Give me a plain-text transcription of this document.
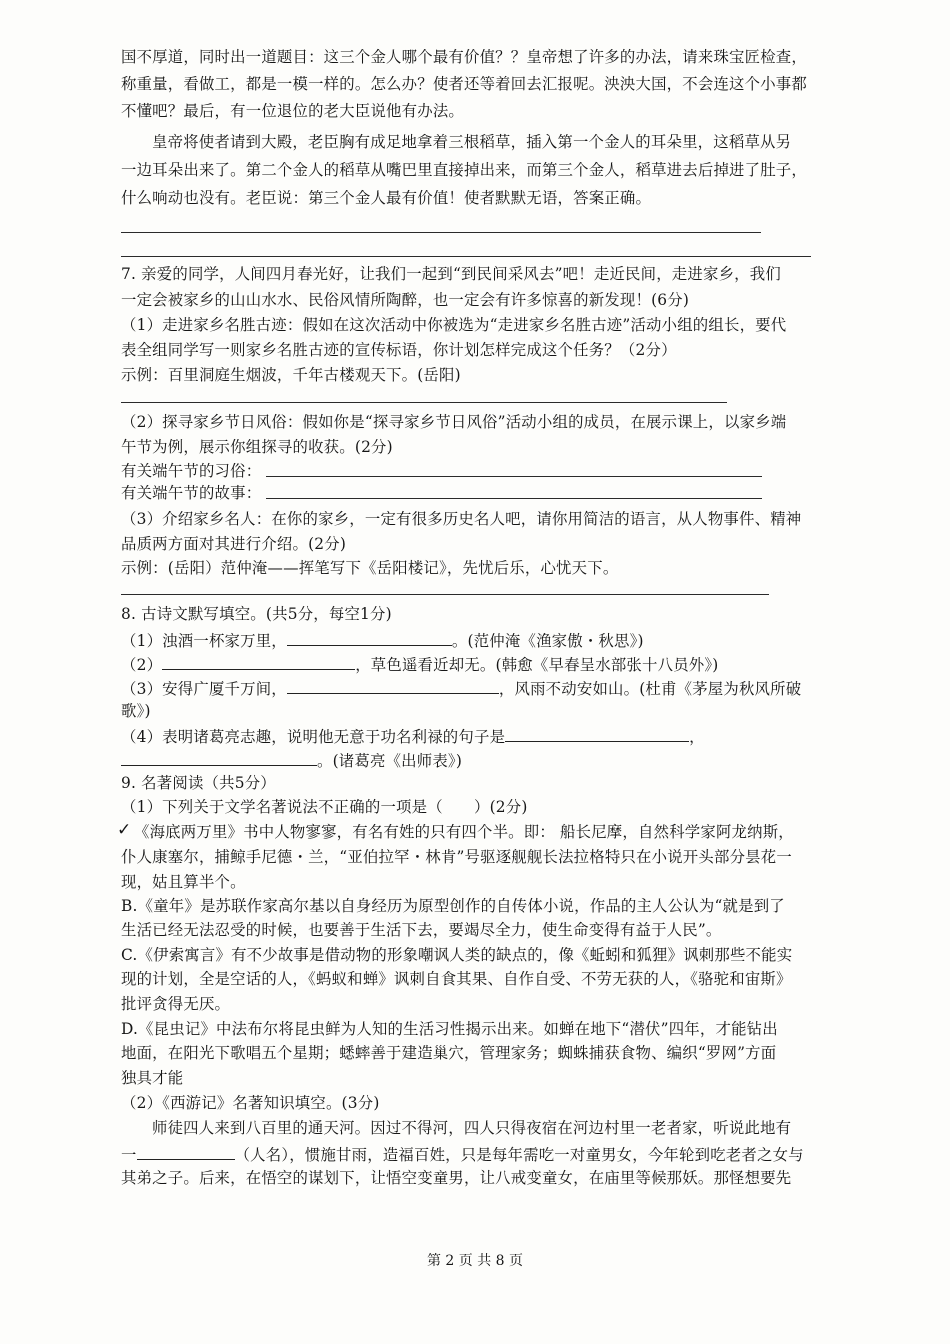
国不厚道，同时出一道题目：这三个金人哪个最有价值？？皇帝想了许多的办法，请来珠宝匠检查，
称重量，看做工，都是一模一样的。怎么办？使者还等着回去汇报呢。泱泱大国，不会连这个小事都
不懂吧？最后，有一位退位的老大臣说他有办法。
皇帝将使者请到大殿，老臣胸有成足地拿着三根稻草，插入第一个金人的耳朵里，这稻草从另
一边耳朵出来了。第二个金人的稻草从嘴巴里直接掉出来，而第三个金人，稻草进去后掉进了肚子，
什么响动也没有。老臣说：第三个金人最有价值！使者默默无语，答案正确。
7. 亲爱的同学，人间四月春光好，让我们一起到“到民间采风去”吧！走近民间，走进家乡，我们
一定会被家乡的山山水水、民俗风情所陶醉，也一定会有许多惊喜的新发现！(6分)
（1）走进家乡名胜古迹：假如在这次活动中你被选为“走进家乡名胜古迹”活动小组的组长，要代
表全组同学写一则家乡名胜古迹的宣传标语，你计划怎样完成这个任务？（2分）
示例：百里洞庭生烟波，千年古楼观天下。(岳阳)
（2）探寻家乡节日风俗：假如你是“探寻家乡节日风俗”活动小组的成员，在展示课上，以家乡端
午节为例，展示你组探寻的收获。(2分)
有关端午节的习俗：
有关端午节的故事：
（3）介绍家乡名人：在你的家乡，一定有很多历史名人吧，请你用简洁的语言，从人物事件、精神
品质两方面对其进行介绍。(2分)
示例：(岳阳）范仲淹——挥笔写下《岳阳楼记》，先忧后乐，心忧天下。
8. 古诗文默写填空。(共5分，每空1分)
（1）浊酒一杯家万里，	。(范仲淹《渔家傲・秋思》)
（2）	，草色遥看近却无。(韩愈《早春呈水部张十八员外》)
（3）安得广厦千万间，	，风雨不动安如山。(杜甫《茅屋为秋风所破
歌》)
（4）表明诸葛亮志趣，说明他无意于功名利禄的句子是	，
。(诸葛亮《出师表》)
9. 名著阅读（共5分）
（1）下列关于文学名著说法不正确的一项是（　　）(2分)
✓ 《海底两万里》书中人物寥寥，有名有姓的只有四个半。即： 船长尼摩，自然科学家阿龙纳斯，
仆人康塞尔，捕鲸手尼德・兰，“亚伯拉罕・林肯”号驱逐舰舰长法拉格特只在小说开头部分昙花一
现，姑且算半个。
B.《童年》是苏联作家高尔基以自身经历为原型创作的自传体小说，作品的主人公认为“就是到了
生活已经无法忍受的时候，也要善于生活下去，要竭尽全力，使生命变得有益于人民”。
C.《伊索寓言》有不少故事是借动物的形象嘲讽人类的缺点的，像《蚯蚓和狐狸》讽刺那些不能实
现的计划，全是空话的人，《蚂蚁和蝉》讽刺自食其果、自作自受、不劳无获的人，《骆驼和宙斯》
批评贪得无厌。
D.《昆虫记》中法布尔将昆虫鲜为人知的生活习性揭示出来。如蝉在地下“潜伏”四年，才能钻出
地面，在阳光下歌唱五个星期；蟋蟀善于建造巢穴，管理家务；蜘蛛捕获食物、编织“罗网”方面
独具才能
（2）《西游记》名著知识填空。(3分)
师徒四人来到八百里的通天河。因过不得河，四人只得夜宿在河边村里一老者家，听说此地有
一	（人名），惯施甘雨，造福百姓，只是每年需吃一对童男女，今年轮到吃老者之女与
其弟之子。后来，在悟空的谋划下，让悟空变童男，让八戒变童女，在庙里等候那妖。那怪想要先
第 2 页 共 8 页
